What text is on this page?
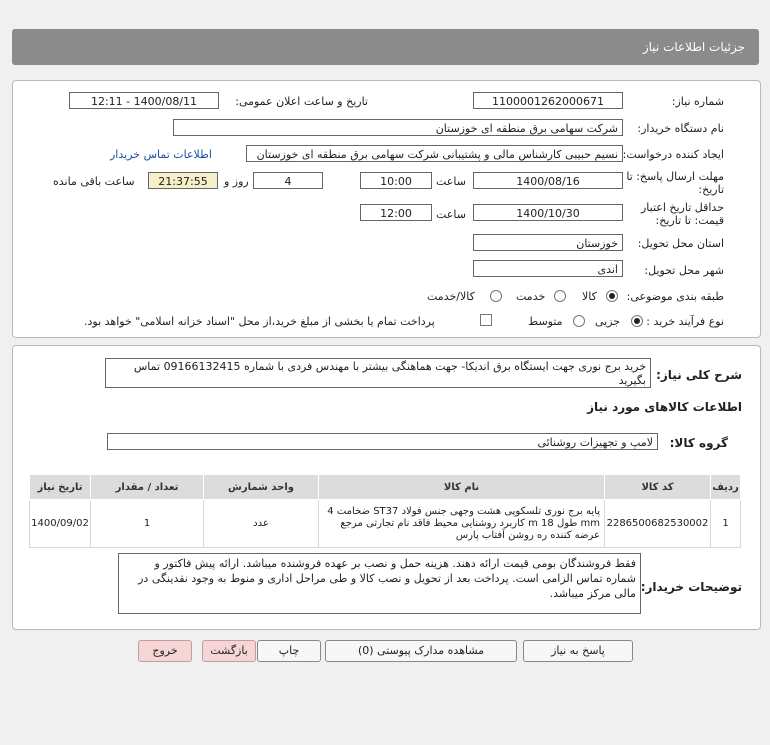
جزئیات اطلاعات نیاز
شماره نیاز:
1100001262000671
تاریخ و ساعت اعلان عمومی:
1400/08/11 - 12:11
نام دستگاه خریدار:
شرکت سهامی برق منطقه ای خوزستان
ایجاد کننده درخواست:
نسیم حبیبی کارشناس مالی و پشتیبانی شرکت سهامی برق منطقه ای خوزستان
اطلاعات تماس خریدار
مهلت ارسال پاسخ: تا
تاریخ:
1400/08/16
ساعت
10:00
4
روز و
21:37:55
ساعت باقی مانده
حداقل تاریخ اعتبار
قیمت: تا تاریخ:
1400/10/30
ساعت
12:00
استان محل تحویل:
خوزستان
شهر محل تحویل:
اندی
طبقه بندی موضوعی:
کالا
خدمت
کالا/خدمت
نوع فرآیند خرید :
جزیی
متوسط
پرداخت تمام یا بخشی از مبلغ خرید،از محل "اسناد خزانه اسلامی" خواهد بود.
شرح کلی نیاز:
خرید برج نوری جهت ایستگاه برق اندیکا- جهت هماهنگی بیشتر با مهندس فردی با شماره 09166132415 تماس بگیرید
اطلاعات کالاهای مورد نیاز
گروه کالا:
لامپ و تجهیزات روشنائی
ردیف	کد کالا	نام کالا	واحد شمارش	تعداد / مقدار	تاریخ نیاز
1	2286500682530002	پایه برج نوری تلسکوپی هشت وجهی جنس فولاد ST37 ضخامت 4 mm طول 18 m کاربرد روشنایی محیط فاقد نام تجارتی مرجع عرضه کننده ره روشن آفتاب پارس	عدد	1	1400/09/02
توضیحات خریدار:
فقط فروشندگان بومی قیمت ارائه دهند. هزینه حمل و نصب بر عهده فروشنده میباشد. ارائه پیش فاکتور و شماره تماس الزامی است. پرداخت بعد از تحویل و نصب کالا و طی مراحل اداری و منوط به وجود نقدینگی در مالی مرکز میباشد.
پاسخ به نیاز
مشاهده مدارک پیوستی (0)
چاپ
بازگشت
خروج
